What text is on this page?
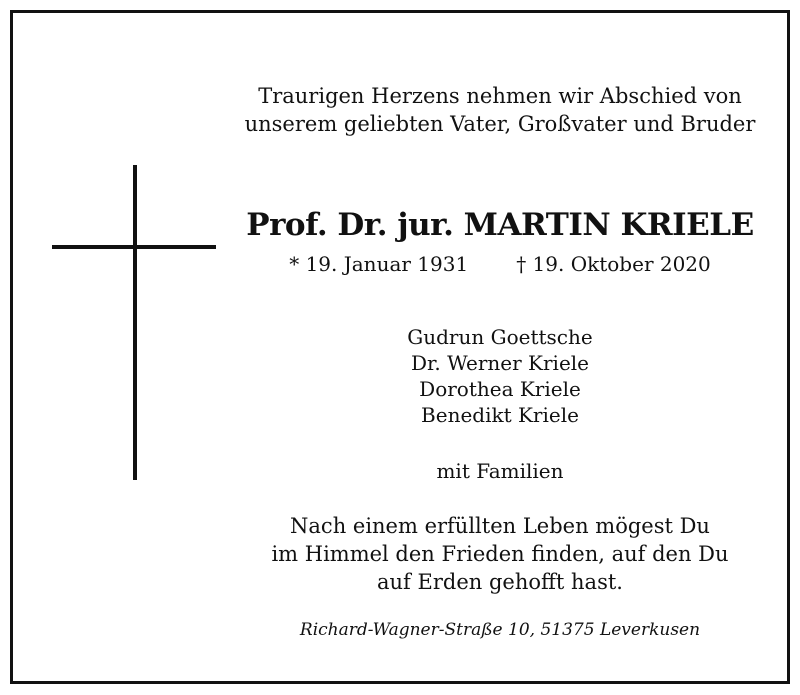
Traurigen Herzens nehmen wir Abschied von
unserem geliebten Vater, Großvater und Bruder
Prof. Dr. jur. MARTIN KRIELE
* 19. Januar 1931 † 19. Oktober 2020
Gudrun Goettsche
Dr. Werner Kriele
Dorothea Kriele
Benedikt Kriele
mit Familien
Nach einem erfüllten Leben mögest Du
im Himmel den Frieden finden, auf den Du
auf Erden gehofft hast.
Richard-Wagner-Straße 10, 51375 Leverkusen
